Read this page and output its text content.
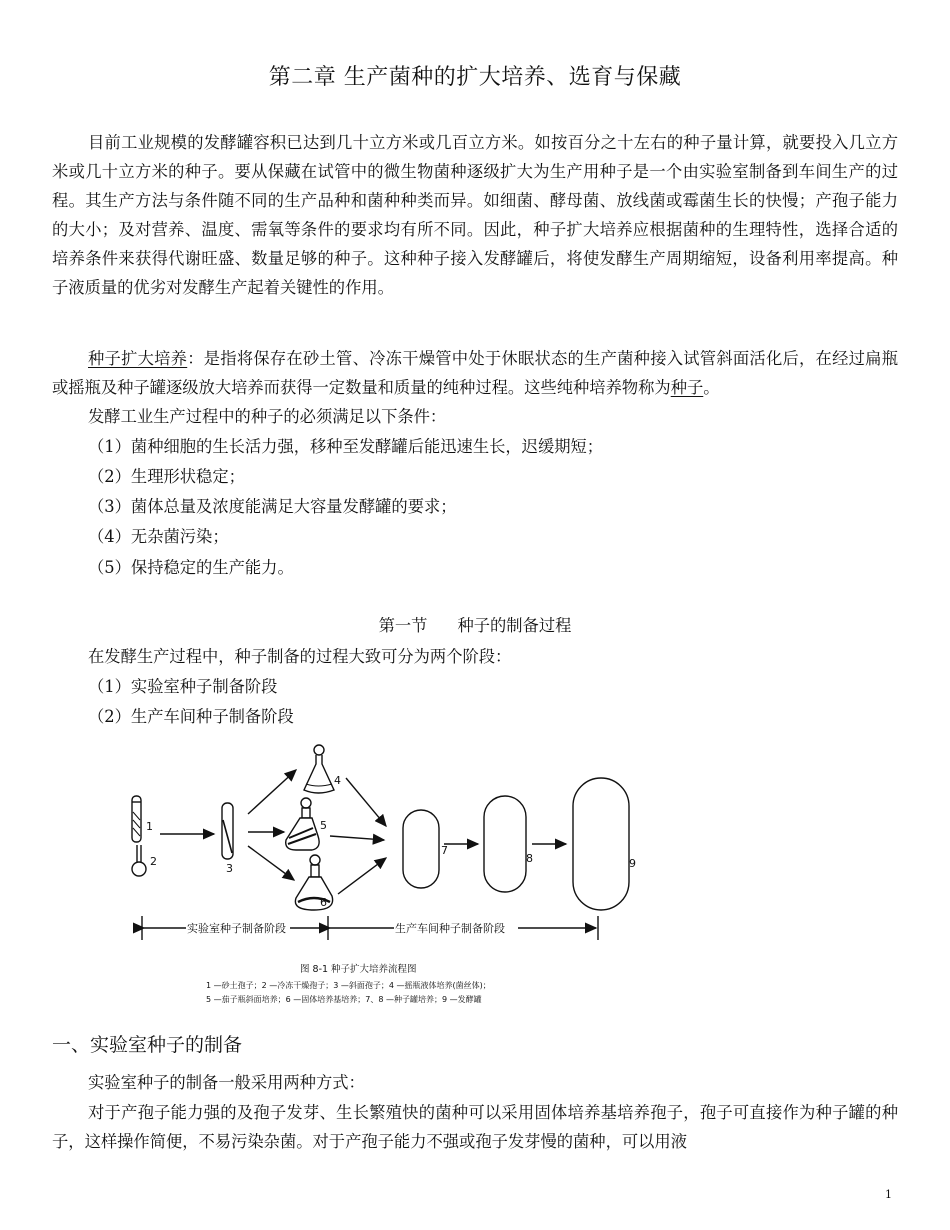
第二章 生产菌种的扩大培养、选育与保藏

目前工业规模的发酵罐容积已达到几十立方米或几百立方米。如按百分之十左右的种子量计算，就要投入几立方米或几十立方米的种子。要从保藏在试管中的微生物菌种逐级扩大为生产用种子是一个由实验室制备到车间生产的过程。其生产方法与条件随不同的生产品种和菌种种类而异。如细菌、酵母菌、放线菌或霉菌生长的快慢；产孢子能力的大小；及对营养、温度、需氧等条件的要求均有所不同。因此，种子扩大培养应根据菌种的生理特性，选择合适的培养条件来获得代谢旺盛、数量足够的种子。这种种子接入发酵罐后，将使发酵生产周期缩短，设备利用率提高。种子液质量的优劣对发酵生产起着关键性的作用。

种子扩大培养：是指将保存在砂土管、冷冻干燥管中处于休眠状态的生产菌种接入试管斜面活化后，在经过扁瓶或摇瓶及种子罐逐级放大培养而获得一定数量和质量的纯种过程。这些纯种培养物称为种子。

发酵工业生产过程中的种子的必须满足以下条件：
（1）菌种细胞的生长活力强，移种至发酵罐后能迅速生长，迟缓期短；
（2）生理形状稳定；
（3）菌体总量及浓度能满足大容量发酵罐的要求；
（4）无杂菌污染；
（5）保持稳定的生产能力。
第一节 种子的制备过程
在发酵生产过程中，种子制备的过程大致可分为两个阶段：
（1）实验室种子制备阶段
（2）生产车间种子制备阶段
1
2
3
4
5
6
7
8	9
实验室种子制备阶段	生产车间种子制备阶段
图 8-1 种子扩大培养流程图
1 —砂土孢子；2 —冷冻干燥孢子；3 —斜面孢子；4 —摇瓶液体培养(菌丝体)；
5 —茄子瓶斜面培养；6 —固体培养基培养；7、8 —种子罐培养；9 —发酵罐
一、实验室种子的制备
实验室种子的制备一般采用两种方式：

对于产孢子能力强的及孢子发芽、生长繁殖快的菌种可以采用固体培养基培养孢子，孢子可直接作为种子罐的种子，这样操作简便，不易污染杂菌。对于产孢子能力不强或孢子发芽慢的菌种，可以用液

1
